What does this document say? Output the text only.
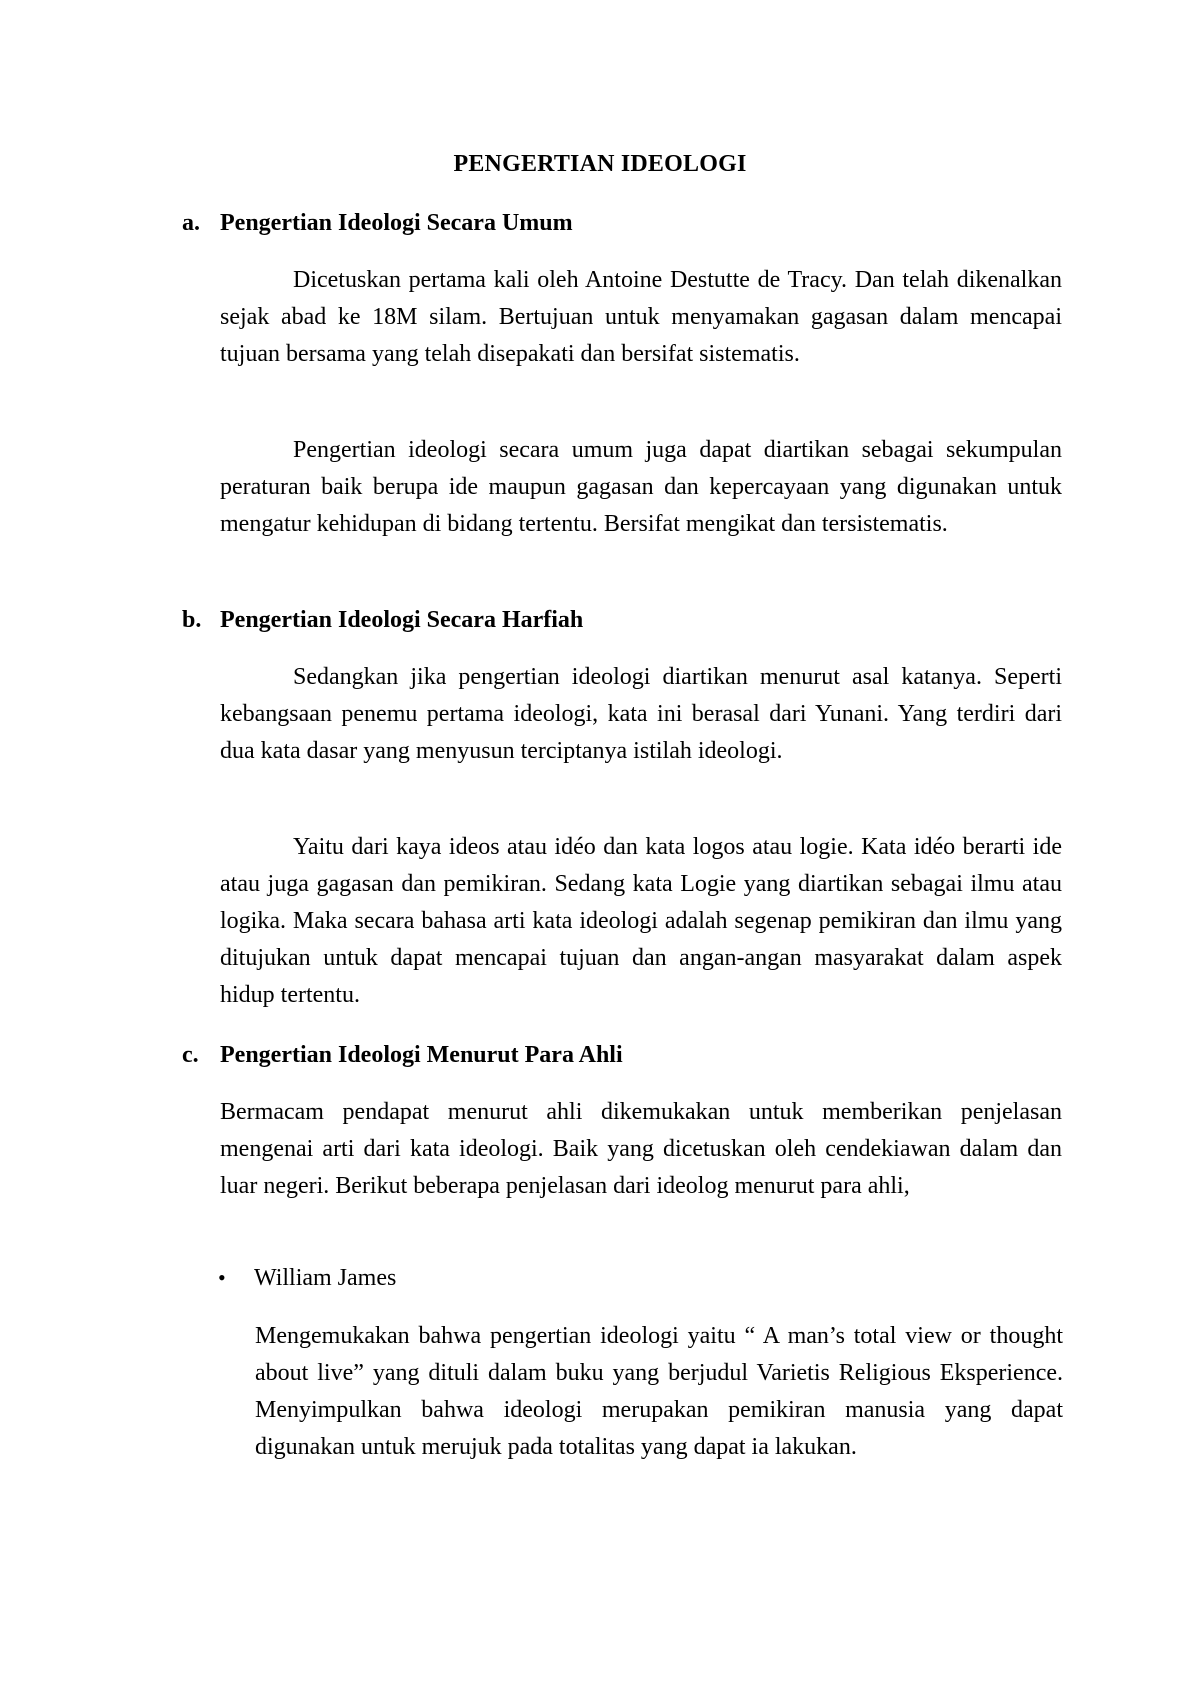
PENGERTIAN IDEOLOGI
a. Pengertian Ideologi Secara Umum

Dicetuskan pertama kali oleh Antoine Destutte de Tracy. Dan telah dikenalkan sejak abad ke 18M silam. Bertujuan untuk menyamakan gagasan dalam mencapai tujuan bersama yang telah disepakati dan bersifat sistematis.

Pengertian ideologi secara umum juga dapat diartikan sebagai sekumpulan peraturan baik berupa ide maupun gagasan dan kepercayaan yang digunakan untuk mengatur kehidupan di bidang tertentu. Bersifat mengikat dan tersistematis.

b. Pengertian Ideologi Secara Harfiah

Sedangkan jika pengertian ideologi diartikan menurut asal katanya. Seperti kebangsaan penemu pertama ideologi, kata ini berasal dari Yunani. Yang terdiri dari dua kata dasar yang menyusun terciptanya istilah ideologi.

Yaitu dari kaya ideos atau idéo dan kata logos atau logie. Kata idéo berarti ide atau juga gagasan dan pemikiran. Sedang kata Logie yang diartikan sebagai ilmu atau logika. Maka secara bahasa arti kata ideologi adalah segenap pemikiran dan ilmu yang ditujukan untuk dapat mencapai tujuan dan angan-angan masyarakat dalam aspek hidup tertentu.

c. Pengertian Ideologi Menurut Para Ahli

Bermacam pendapat menurut ahli dikemukakan untuk memberikan penjelasan mengenai arti dari kata ideologi. Baik yang dicetuskan oleh cendekiawan dalam dan luar negeri. Berikut beberapa penjelasan dari ideolog menurut para ahli,

• William James

Mengemukakan bahwa pengertian ideologi yaitu “ A man’s total view or thought about live” yang dituli dalam buku yang berjudul Varietis Religious Eksperience. Menyimpulkan bahwa ideologi merupakan pemikiran manusia yang dapat digunakan untuk merujuk pada totalitas yang dapat ia lakukan.
